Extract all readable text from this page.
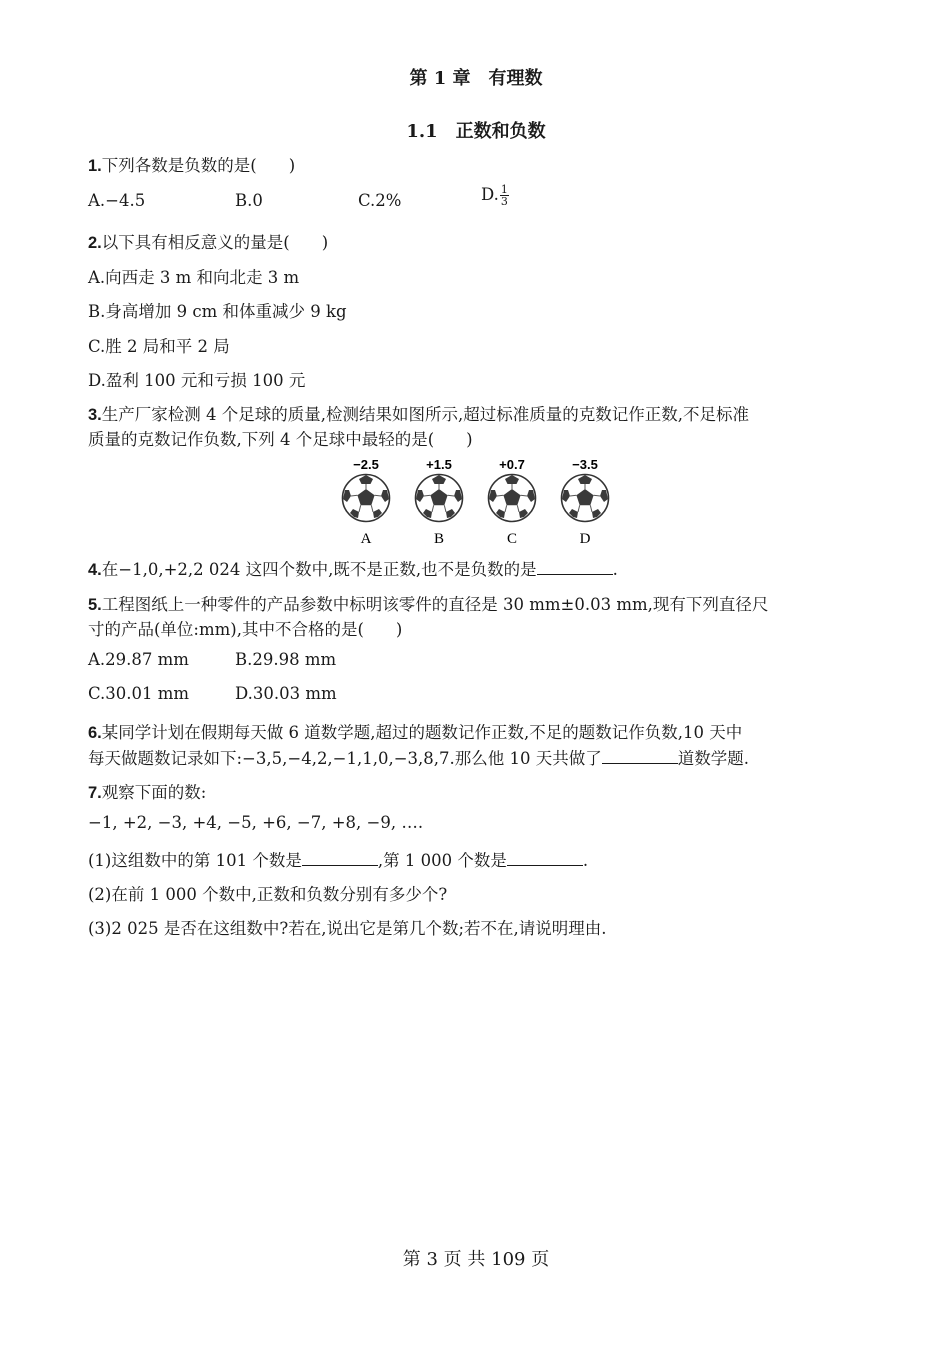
第 1 章　有理数
1.1　正数和负数
1.下列各数是负数的是( )
A.−4.5	B.0	C.2%	D. $\frac{1}{3}$
2.以下具有相反意义的量是( )
A.向西走 3 m 和向北走 3 m
B.身高增加 9 cm 和体重减少 9 kg
C.胜 2 局和平 2 局
D.盈利 100 元和亏损 100 元
3.生产厂家检测 4 个足球的质量,检测结果如图所示,超过标准质量的克数记作正数,不足标准
质量的克数记作负数,下列 4 个足球中最轻的是( )
−2.5	+1.5	+0.7	−3.5
A	B	C	D
4.在−1,0,+2,2 024 这四个数中,既不是正数,也不是负数的是	.
5.工程图纸上一种零件的产品参数中标明该零件的直径是 30 mm±0.03 mm,现有下列直径尺
寸的产品(单位:mm),其中不合格的是( )
A.29.87 mm	B.29.98 mm
C.30.01 mm	D.30.03 mm
6.某同学计划在假期每天做 6 道数学题,超过的题数记作正数,不足的题数记作负数,10 天中
每天做题数记录如下:−3,5,−4,2,−1,1,0,−3,8,7.那么他 10 天共做了	道数学题.
7.观察下面的数:
−1, +2, −3, +4, −5, +6, −7, +8, −9, ….
(1)这组数中的第 101 个数是	,第 1 000 个数是	.
(2)在前 1 000 个数中,正数和负数分别有多少个?
(3)2 025 是否在这组数中?若在,说出它是第几个数;若不在,请说明理由.
第 3 页 共 109 页
